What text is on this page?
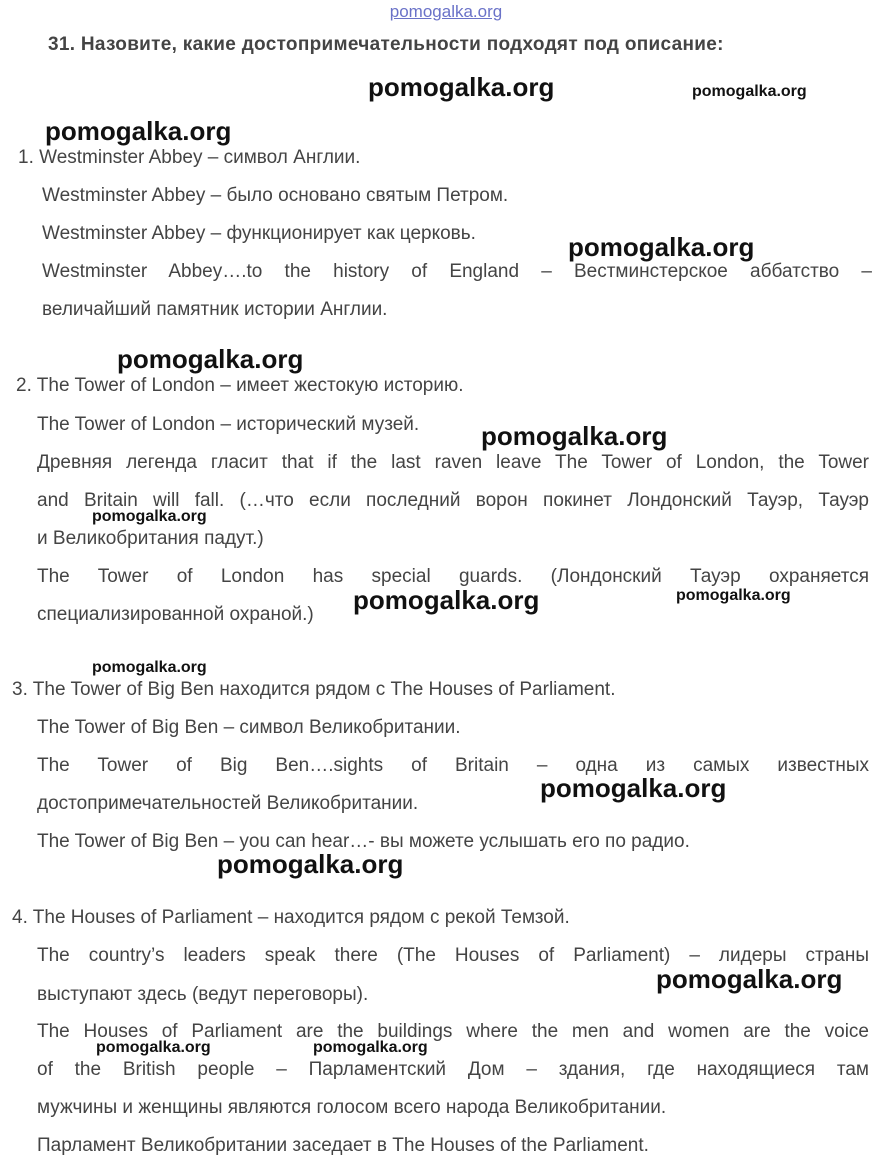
pomogalka.org
31. Назовите, какие достопримечательности подходят под описание:
1. Westminster Abbey – символ Англии.
Westminster Abbey – было основано святым Петром.
Westminster Abbey – функционирует как церковь.
Westminster Abbey….to the history of England – Вестминстерское аббатство –
величайший памятник истории Англии.
2. The Tower of London – имеет жестокую историю.
The Tower of London – исторический музей.
Древняя легенда гласит that if the last raven leave The Tower of London, the Tower
and Britain will fall. (…что если последний ворон покинет Лондонский Тауэр, Тауэр
и Великобритания падут.)
The Tower of London has special guards. (Лондонский Тауэр охраняется
специализированной охраной.)
3. The Tower of Big Ben находится рядом с The Houses of Parliament.
The Tower of Big Ben – символ Великобритании.
The Tower of Big Ben….sights of Britain – одна из самых известных
достопримечательностей Великобритании.
The Tower of Big Ben – you can hear…- вы можете услышать его по радио.
4. The Houses of Parliament – находится рядом с рекой Темзой.
The country’s leaders speak there (The Houses of Parliament) – лидеры страны
выступают здесь (ведут переговоры).
The Houses of Parliament are the buildings where the men and women are the voice
of the British people – Парламентский Дом – здания, где находящиеся там
мужчины и женщины являются голосом всего народа Великобритании.
Парламент Великобритании заседает в The Houses of the Parliament.
pomogalka.org	pomogalka.org
pomogalka.org
pomogalka.org
pomogalka.org
pomogalka.org
pomogalka.org
pomogalka.org	pomogalka.org
pomogalka.org
pomogalka.org
pomogalka.org
pomogalka.org
pomogalka.org	pomogalka.org
